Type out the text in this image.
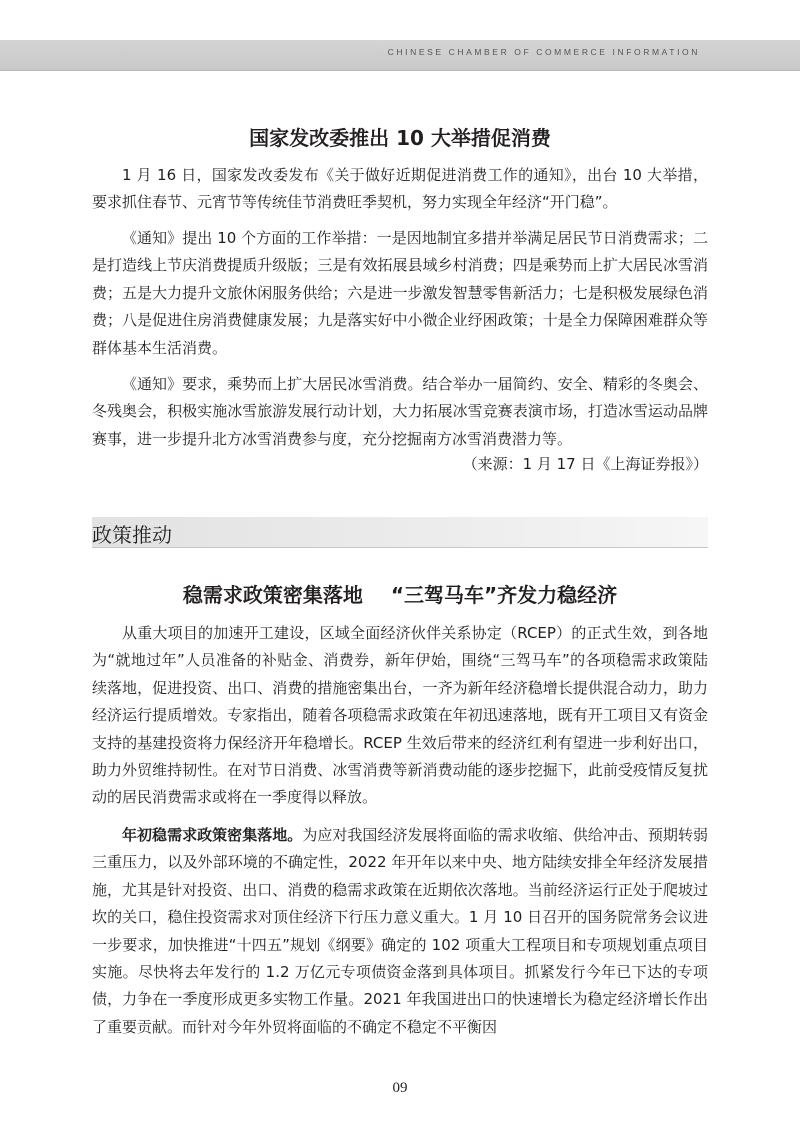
CHINESE CHAMBER OF COMMERCE INFORMATION
国家发改委推出 10 大举措促消费

1 月 16 日，国家发改委发布《关于做好近期促进消费工作的通知》，出台 10 大举措，要求抓住春节、元宵节等传统佳节消费旺季契机，努力实现全年经济“开门稳”。

《通知》提出 10 个方面的工作举措：一是因地制宜多措并举满足居民节日消费需求；二是打造线上节庆消费提质升级版；三是有效拓展县域乡村消费；四是乘势而上扩大居民冰雪消费；五是大力提升文旅休闲服务供给；六是进一步激发智慧零售新活力；七是积极发展绿色消费；八是促进住房消费健康发展；九是落实好中小微企业纾困政策；十是全力保障困难群众等群体基本生活消费。

《通知》要求，乘势而上扩大居民冰雪消费。结合举办一届简约、安全、精彩的冬奥会、冬残奥会，积极实施冰雪旅游发展行动计划，大力拓展冰雪竞赛表演市场，打造冰雪运动品牌赛事，进一步提升北方冰雪消费参与度，充分挖掘南方冰雪消费潜力等。

（来源：1 月 17 日《上海证券报》）
政策推动
稳需求政策密集落地 “三驾马车”齐发力稳经济

从重大项目的加速开工建设，区域全面经济伙伴关系协定（RCEP）的正式生效，到各地为“就地过年”人员准备的补贴金、消费券，新年伊始，围绕“三驾马车”的各项稳需求政策陆续落地，促进投资、出口、消费的措施密集出台，一齐为新年经济稳增长提供混合动力，助力经济运行提质增效。专家指出，随着各项稳需求政策在年初迅速落地，既有开工项目又有资金支持的基建投资将力保经济开年稳增长。RCEP 生效后带来的经济红利有望进一步利好出口，助力外贸维持韧性。在对节日消费、冰雪消费等新消费动能的逐步挖掘下，此前受疫情反复扰动的居民消费需求或将在一季度得以释放。

年初稳需求政策密集落地。为应对我国经济发展将面临的需求收缩、供给冲击、预期转弱三重压力，以及外部环境的不确定性，2022 年开年以来中央、地方陆续安排全年经济发展措施，尤其是针对投资、出口、消费的稳需求政策在近期依次落地。当前经济运行正处于爬坡过坎的关口，稳住投资需求对顶住经济下行压力意义重大。1 月 10 日召开的国务院常务会议进一步要求，加快推进“十四五”规划《纲要》确定的 102 项重大工程项目和专项规划重点项目实施。尽快将去年发行的 1.2 万亿元专项债资金落到具体项目。抓紧发行今年已下达的专项债，力争在一季度形成更多实物工作量。2021 年我国进出口的快速增长为稳定经济增长作出了重要贡献。而针对今年外贸将面临的不确定不稳定不平衡因

09
